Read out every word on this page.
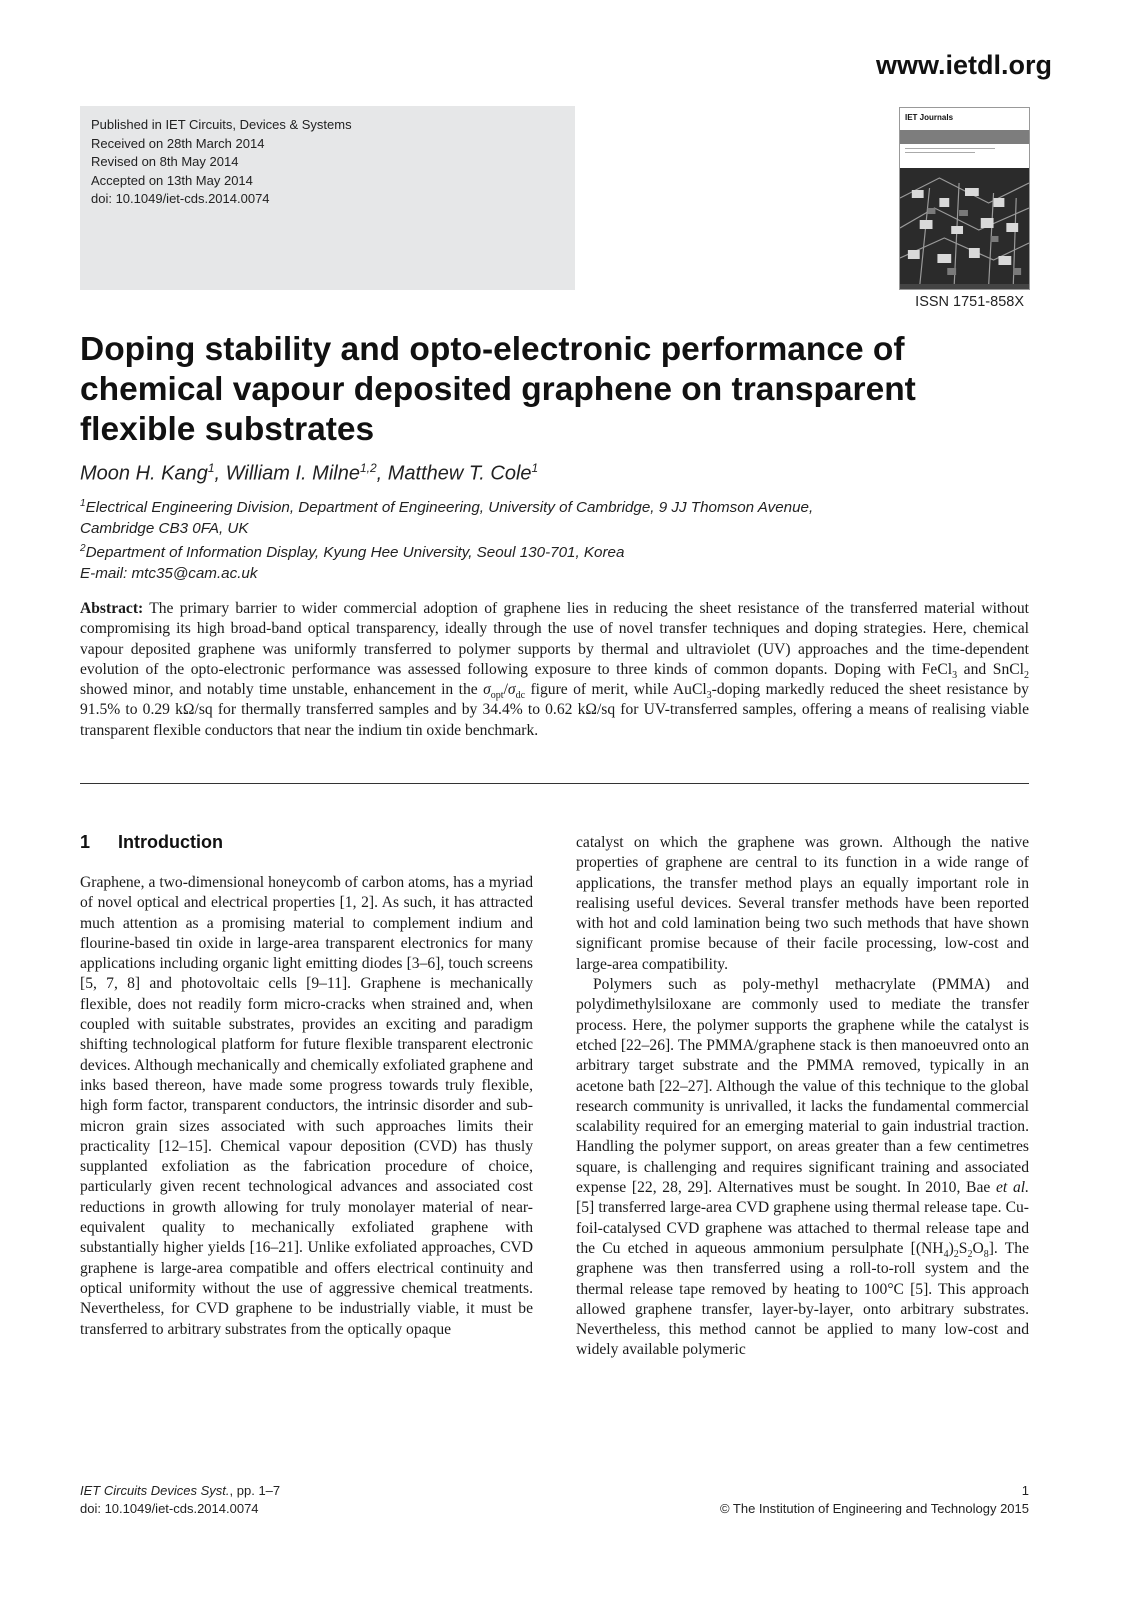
www.ietdl.org
Published in IET Circuits, Devices & Systems
Received on 28th March 2014
Revised on 8th May 2014
Accepted on 13th May 2014
doi: 10.1049/iet-cds.2014.0074
IET Journals
IET Circuits, Devices & Systems
ISSN 1751-858X
Doping stability and opto-electronic performance of chemical vapour deposited graphene on transparent flexible substrates
Moon H. Kang$^1$, William I. Milne$^{1,2}$, Matthew T. Cole$^1$
$^1$Electrical Engineering Division, Department of Engineering, University of Cambridge, 9 JJ Thomson Avenue,
Cambridge CB3 0FA, UK
$^2$Department of Information Display, Kyung Hee University, Seoul 130-701, Korea
E-mail: mtc35@cam.ac.uk

Abstract: The primary barrier to wider commercial adoption of graphene lies in reducing the sheet resistance of the transferred material without compromising its high broad-band optical transparency, ideally through the use of novel transfer techniques and doping strategies. Here, chemical vapour deposited graphene was uniformly transferred to polymer supports by thermal and ultraviolet (UV) approaches and the time-dependent evolution of the opto-electronic performance was assessed following exposure to three kinds of common dopants. Doping with FeCl$_3$ and SnCl$_2$ showed minor, and notably time unstable, enhancement in the $\sigma_{opt}/\sigma_{dc}$ figure of merit, while AuCl$_3$-doping markedly reduced the sheet resistance by 91.5% to 0.29 kΩ/sq for thermally transferred samples and by 34.4% to 0.62 kΩ/sq for UV-transferred samples, offering a means of realising viable transparent flexible conductors that near the indium tin oxide benchmark.

1 Introduction

Graphene, a two-dimensional honeycomb of carbon atoms, has a myriad of novel optical and electrical properties [1, 2]. As such, it has attracted much attention as a promising material to complement indium and flourine-based tin oxide in large-area transparent electronics for many applications including organic light emitting diodes [3–6], touch screens [5, 7, 8] and photovoltaic cells [9–11]. Graphene is mechanically flexible, does not readily form micro-cracks when strained and, when coupled with suitable substrates, provides an exciting and paradigm shifting technological platform for future flexible transparent electronic devices. Although mechanically and chemically exfoliated graphene and inks based thereon, have made some progress towards truly flexible, high form factor, transparent conductors, the intrinsic disorder and sub-micron grain sizes associated with such approaches limits their practicality [12–15]. Chemical vapour deposition (CVD) has thusly supplanted exfoliation as the fabrication procedure of choice, particularly given recent technological advances and associated cost reductions in growth allowing for truly monolayer material of near-equivalent quality to mechanically exfoliated graphene with substantially higher yields [16–21]. Unlike exfoliated approaches, CVD graphene is large-area compatible and offers electrical continuity and optical uniformity without the use of aggressive chemical treatments. Nevertheless, for CVD graphene to be industrially viable, it must be transferred to arbitrary substrates from the optically opaque

catalyst on which the graphene was grown. Although the native properties of graphene are central to its function in a wide range of applications, the transfer method plays an equally important role in realising useful devices. Several transfer methods have been reported with hot and cold lamination being two such methods that have shown significant promise because of their facile processing, low-cost and large-area compatibility.

Polymers such as poly-methyl methacrylate (PMMA) and polydimethylsiloxane are commonly used to mediate the transfer process. Here, the polymer supports the graphene while the catalyst is etched [22–26]. The PMMA/graphene stack is then manoeuvred onto an arbitrary target substrate and the PMMA removed, typically in an acetone bath [22–27]. Although the value of this technique to the global research community is unrivalled, it lacks the fundamental commercial scalability required for an emerging material to gain industrial traction. Handling the polymer support, on areas greater than a few centimetres square, is challenging and requires significant training and associated expense [22, 28, 29]. Alternatives must be sought. In 2010, Bae et al. [5] transferred large-area CVD graphene using thermal release tape. Cu-foil-catalysed CVD graphene was attached to thermal release tape and the Cu etched in aqueous ammonium persulphate $[(NH_4)_2S_2O_8]$. The graphene was then transferred using a roll-to-roll system and the thermal release tape removed by heating to 100°C [5]. This approach allowed graphene transfer, layer-by-layer, onto arbitrary substrates. Nevertheless, this method cannot be applied to many low-cost and widely available polymeric

IET Circuits Devices Syst., pp. 1–7
doi: 10.1049/iet-cds.2014.0074
1
© The Institution of Engineering and Technology 2015
